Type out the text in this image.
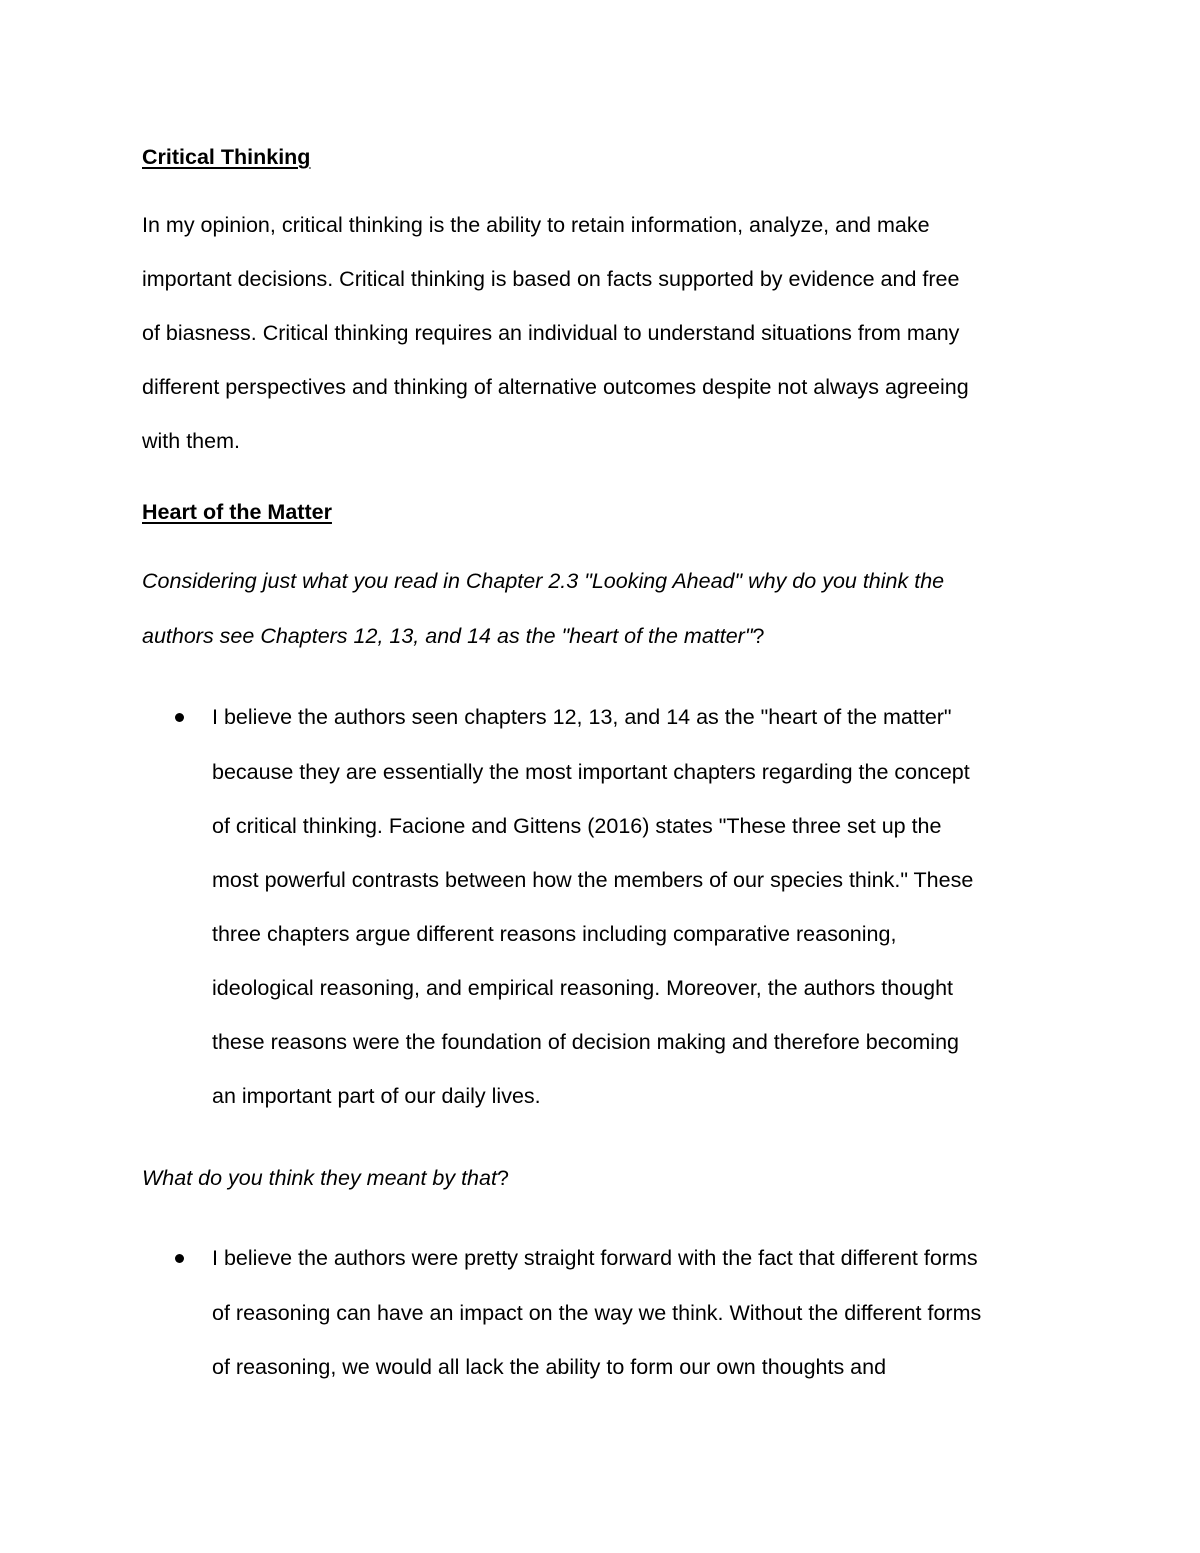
Critical Thinking

In my opinion, critical thinking is the ability to retain information, analyze, and make

important decisions. Critical thinking is based on facts supported by evidence and free

of biasness. Critical thinking requires an individual to understand situations from many

different perspectives and thinking of alternative outcomes despite not always agreeing

with them.

Heart of the Matter

Considering just what you read in Chapter 2.3 "Looking Ahead" why do you think the

authors see Chapters 12, 13, and 14 as the "heart of the matter"?

I believe the authors seen chapters 12, 13, and 14 as the "heart of the matter"

because they are essentially the most important chapters regarding the concept

of critical thinking. Facione and Gittens (2016) states "These three set up the

most powerful contrasts between how the members of our species think." These

three chapters argue different reasons including comparative reasoning,

ideological reasoning, and empirical reasoning. Moreover, the authors thought

these reasons were the foundation of decision making and therefore becoming

an important part of our daily lives.

What do you think they meant by that?

I believe the authors were pretty straight forward with the fact that different forms

of reasoning can have an impact on the way we think. Without the different forms

of reasoning, we would all lack the ability to form our own thoughts and
